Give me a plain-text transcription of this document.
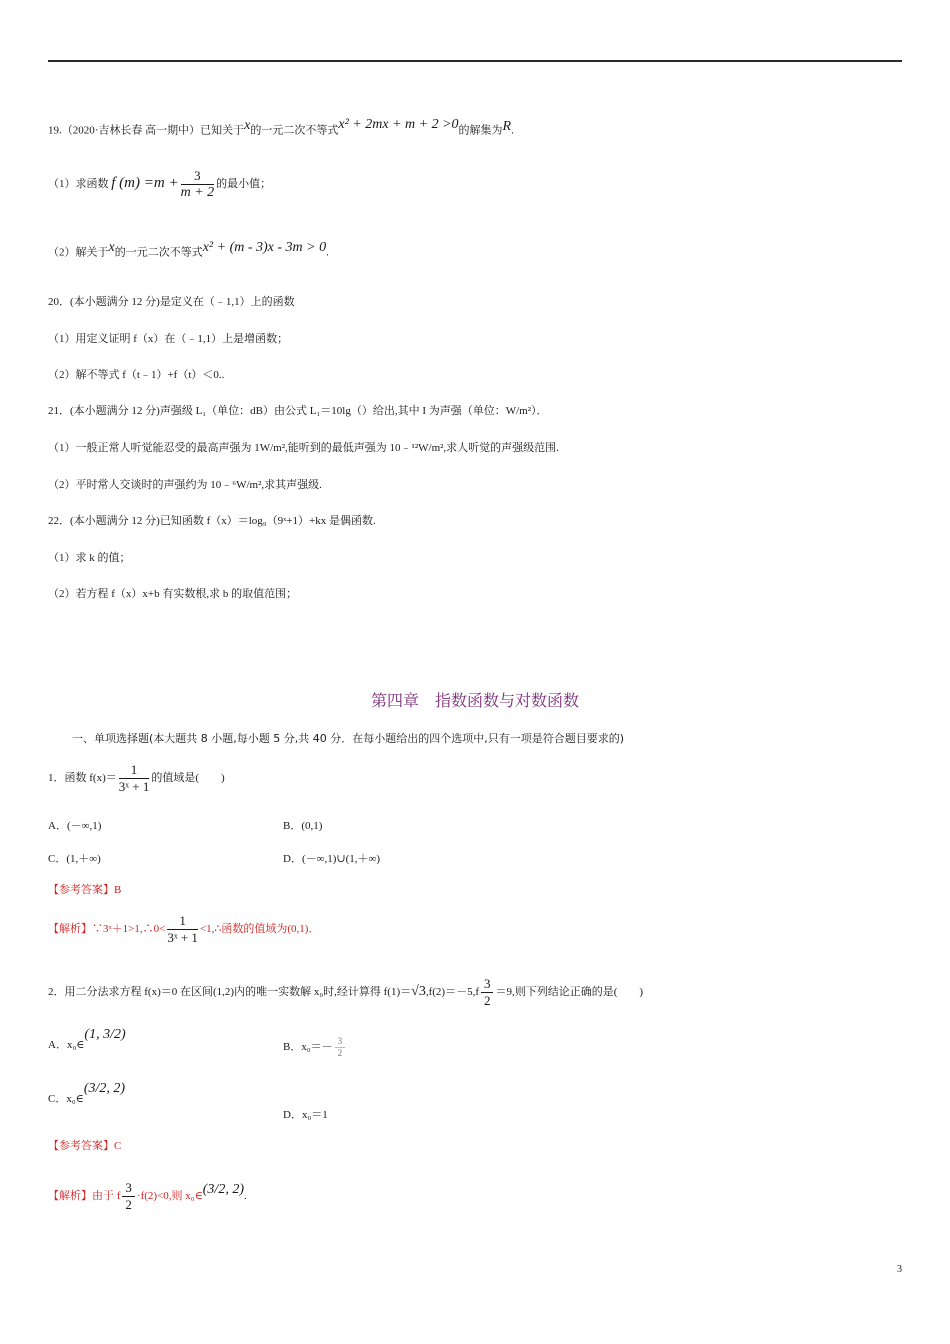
19.（2020·吉林长春 高一期中）已知关于$^x$的一元二次不等式x² + 2mx + m + 2 >0的解集为R.
（1）求函数 f $(m) =m + \frac{3}{m + 2}$ 的最小值；
（2）解关于$^x$的一元二次不等式x² + (m - 3)x - 3m > 0.
20．(本小题满分 12 分)是定义在（﹣1,1）上的函数
（1）用定义证明 f（x）在（﹣1,1）上是增函数；
（2）解不等式 f（t﹣1）+f（t）＜0..
21．(本小题满分 12 分)声强级 L₁（单位：dB）由公式 L₁＝10lg（）给出,其中 I 为声强（单位：W/m²）．
（1）一般正常人听觉能忍受的最高声强为 1W/m²,能听到的最低声强为 10﹣¹²W/m²,求人听觉的声强级范围.
（2）平时常人交谈时的声强约为 10﹣⁶W/m²,求其声强级.
22．(本小题满分 12 分)已知函数 f（x）＝log₉（9ˣ+1）+kx 是偶函数.
（1）求 k 的值；
（2）若方程 f（x）x+b 有实数根,求 b 的取值范围；
第四章　指数函数与对数函数
一、单项选择题(本大题共 8 小题,每小题 5 分,共 40 分．在每小题给出的四个选项中,只有一项是符合题目要求的)
1．函数 $f(x)= \frac{1}{\text{3ˣ + 1}}$ 的值域是(　　)
A．(－∞,1)	B．(0,1)
C．(1,＋∞)	D．(－∞,1)∪(1,＋∞)
【参考答案】B
【解析】∵3ˣ＋1>1,∴0< $\frac{1}{\text{3ˣ + 1}}$ <1,∴函数的值域为(0,1)．
2．用二分法求方程 f(x)＝0 在区间(1,2)内的唯一实数解 x₀时,经计算得 $f(1)=√3,f(2)=-5,f \frac{3}{2} =9$,则下列结论正确的是(　　)
A．x₀∈(1, 3/2)
B．$x_0=- \frac{3}{2}$
C．x₀∈(3/2, 2)
D．x₀＝1
【参考答案】C
【解析】由于 f $\frac{3}{2} \cdot f(2)<0$,则 x₀∈(3/2, 2).
3
